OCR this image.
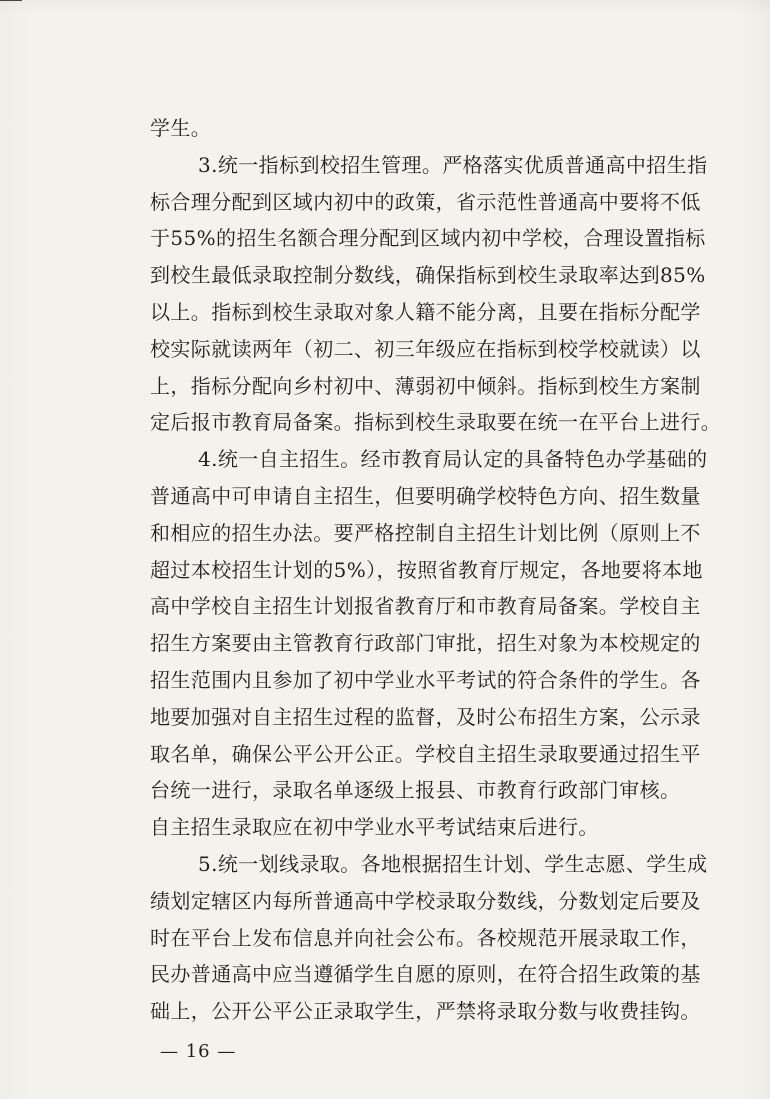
学生。
3.统一指标到校招生管理。严格落实优质普通高中招生指
标合理分配到区域内初中的政策，省示范性普通高中要将不低
于55%的招生名额合理分配到区域内初中学校，合理设置指标
到校生最低录取控制分数线，确保指标到校生录取率达到85%
以上。指标到校生录取对象人籍不能分离，且要在指标分配学
校实际就读两年（初二、初三年级应在指标到校学校就读）以
上，指标分配向乡村初中、薄弱初中倾斜。指标到校生方案制
定后报市教育局备案。指标到校生录取要在统一在平台上进行。
4.统一自主招生。经市教育局认定的具备特色办学基础的
普通高中可申请自主招生，但要明确学校特色方向、招生数量
和相应的招生办法。要严格控制自主招生计划比例（原则上不
超过本校招生计划的5%），按照省教育厅规定，各地要将本地
高中学校自主招生计划报省教育厅和市教育局备案。学校自主
招生方案要由主管教育行政部门审批，招生对象为本校规定的
招生范围内且参加了初中学业水平考试的符合条件的学生。各
地要加强对自主招生过程的监督，及时公布招生方案，公示录
取名单，确保公平公开公正。学校自主招生录取要通过招生平
台统一进行，录取名单逐级上报县、市教育行政部门审核。
自主招生录取应在初中学业水平考试结束后进行。
5.统一划线录取。各地根据招生计划、学生志愿、学生成
绩划定辖区内每所普通高中学校录取分数线，分数划定后要及
时在平台上发布信息并向社会公布。各校规范开展录取工作，
民办普通高中应当遵循学生自愿的原则，在符合招生政策的基
础上，公开公平公正录取学生，严禁将录取分数与收费挂钩。
— 16 —
